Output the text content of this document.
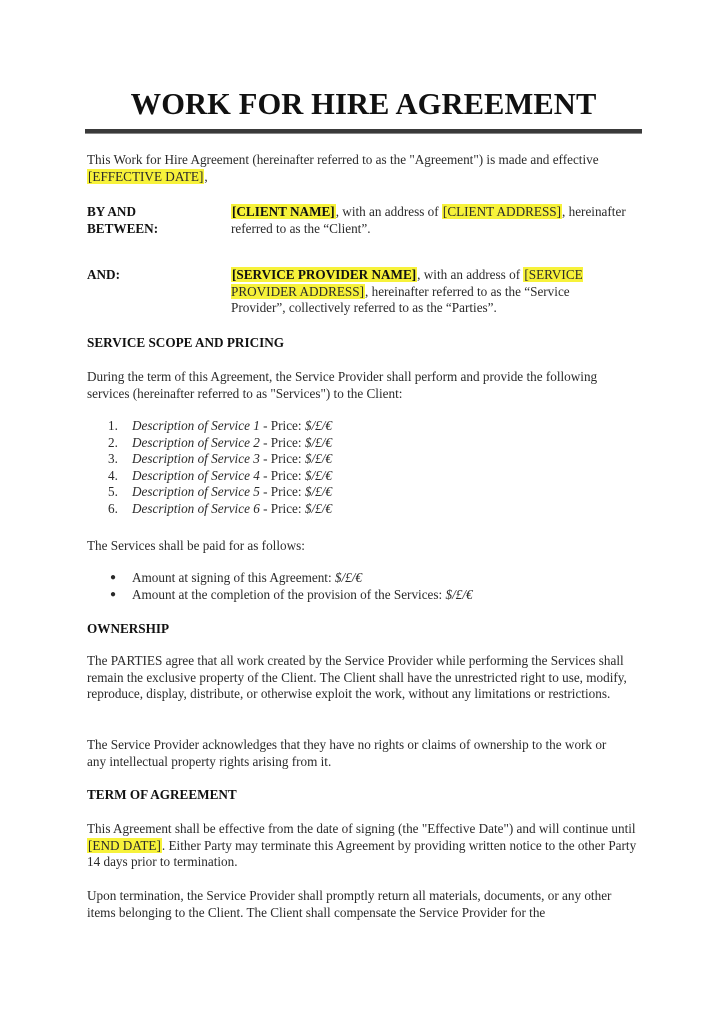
WORK FOR HIRE AGREEMENT

This Work for Hire Agreement (hereinafter referred to as the "Agreement") is made and effective [EFFECTIVE DATE],

BY AND
BETWEEN:
[CLIENT NAME], with an address of [CLIENT ADDRESS], hereinafter referred to as the “Client”.
AND:	[SERVICE PROVIDER NAME], with an address of [SERVICE PROVIDER ADDRESS], hereinafter referred to as the “Service Provider”, collectively referred to as the “Parties”.
SERVICE SCOPE AND PRICING

During the term of this Agreement, the Service Provider shall perform and provide the following services (hereinafter referred to as "Services") to the Client:

1. Description of Service 1 - Price: $/£/€
2. Description of Service 2 - Price: $/£/€
3. Description of Service 3 - Price: $/£/€
4. Description of Service 4 - Price: $/£/€
5. Description of Service 5 - Price: $/£/€
6. Description of Service 6 - Price: $/£/€

The Services shall be paid for as follows:

● Amount at signing of this Agreement: $/£/€
● Amount at the completion of the provision of the Services: $/£/€
OWNERSHIP

The PARTIES agree that all work created by the Service Provider while performing the Services shall remain the exclusive property of the Client. The Client shall have the unrestricted right to use, modify, reproduce, display, distribute, or otherwise exploit the work, without any limitations or restrictions.

The Service Provider acknowledges that they have no rights or claims of ownership to the work or any intellectual property rights arising from it.

TERM OF AGREEMENT

This Agreement shall be effective from the date of signing (the "Effective Date") and will continue until [END DATE]. Either Party may terminate this Agreement by providing written notice to the other Party 14 days prior to termination.

Upon termination, the Service Provider shall promptly return all materials, documents, or any other items belonging to the Client. The Client shall compensate the Service Provider for the
